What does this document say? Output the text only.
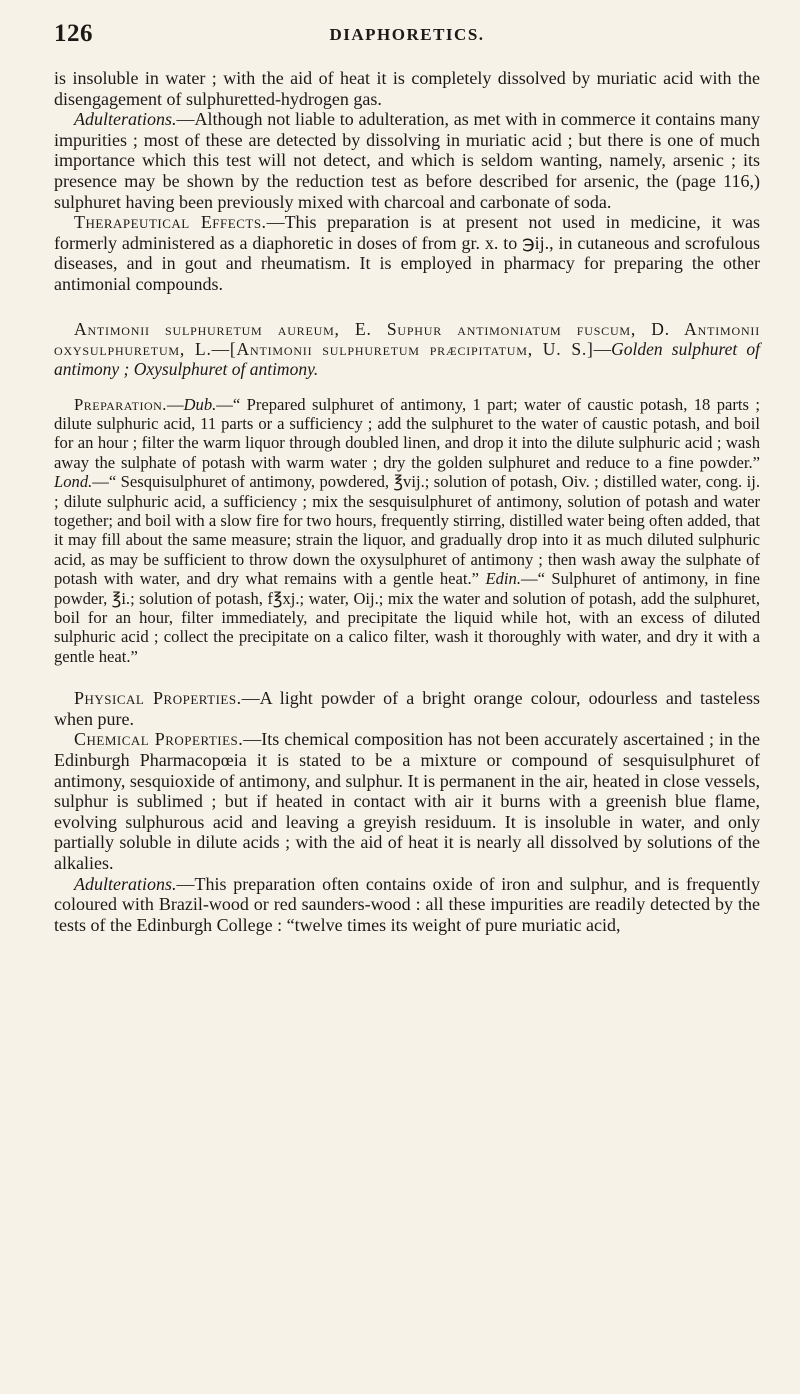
126	DIAPHORETICS.

is insoluble in water ; with the aid of heat it is completely dissolved by muriatic acid with the disengagement of sulphuretted-hydrogen gas.

Adulterations.—Although not liable to adulteration, as met with in commerce it contains many impurities ; most of these are detected by dissolving in muriatic acid ; but there is one of much importance which this test will not detect, and which is seldom wanting, namely, arsenic ; its presence may be shown by the reduction test as before described for arsenic, the (page 116,) sulphuret having been previously mixed with charcoal and carbonate of soda.

Therapeutical Effects.—This preparation is at present not used in medicine, it was formerly administered as a diaphoretic in doses of from gr. x. to ℈ij., in cutaneous and scrofulous diseases, and in gout and rheumatism. It is employed in pharmacy for preparing the other antimonial compounds.

Antimonii sulphuretum aureum, E. Suphur antimoniatum fuscum, D. Antimonii oxysulphuretum, L.—[Antimonii sulphuretum præcipitatum, U. S.]—Golden sulphuret of antimony ; Oxysulphuret of antimony.

Preparation.—Dub.—“ Prepared sulphuret of antimony, 1 part; water of caustic potash, 18 parts ; dilute sulphuric acid, 11 parts or a sufficiency ; add the sulphuret to the water of caustic potash, and boil for an hour ; filter the warm liquor through doubled linen, and drop it into the dilute sulphuric acid ; wash away the sulphate of potash with warm water ; dry the golden sulphuret and reduce to a fine powder.” Lond.—“ Sesquisulphuret of antimony, powdered, ℥vij.; solution of potash, Oiv. ; distilled water, cong. ij. ; dilute sulphuric acid, a sufficiency ; mix the sesquisulphuret of antimony, solution of potash and water together; and boil with a slow fire for two hours, frequently stirring, distilled water being often added, that it may fill about the same measure; strain the liquor, and gradually drop into it as much diluted sulphuric acid, as may be sufficient to throw down the oxysulphuret of antimony ; then wash away the sulphate of potash with water, and dry what remains with a gentle heat.” Edin.—“ Sulphuret of antimony, in fine powder, ℥i.; solution of potash, f℥xj.; water, Oij.; mix the water and solution of potash, add the sulphuret, boil for an hour, filter immediately, and precipitate the liquid while hot, with an excess of diluted sulphuric acid ; collect the precipitate on a calico filter, wash it thoroughly with water, and dry it with a gentle heat.”

Physical Properties.—A light powder of a bright orange colour, odourless and tasteless when pure.

Chemical Properties.—Its chemical composition has not been accurately ascertained ; in the Edinburgh Pharmacopœia it is stated to be a mixture or compound of sesquisulphuret of antimony, sesquioxide of antimony, and sulphur. It is permanent in the air, heated in close vessels, sulphur is sublimed ; but if heated in contact with air it burns with a greenish blue flame, evolving sulphurous acid and leaving a greyish residuum. It is insoluble in water, and only partially soluble in dilute acids ; with the aid of heat it is nearly all dissolved by solutions of the alkalies.

Adulterations.—This preparation often contains oxide of iron and sulphur, and is frequently coloured with Brazil-wood or red saunders-wood : all these impurities are readily detected by the tests of the Edinburgh College : “twelve times its weight of pure muriatic acid,
